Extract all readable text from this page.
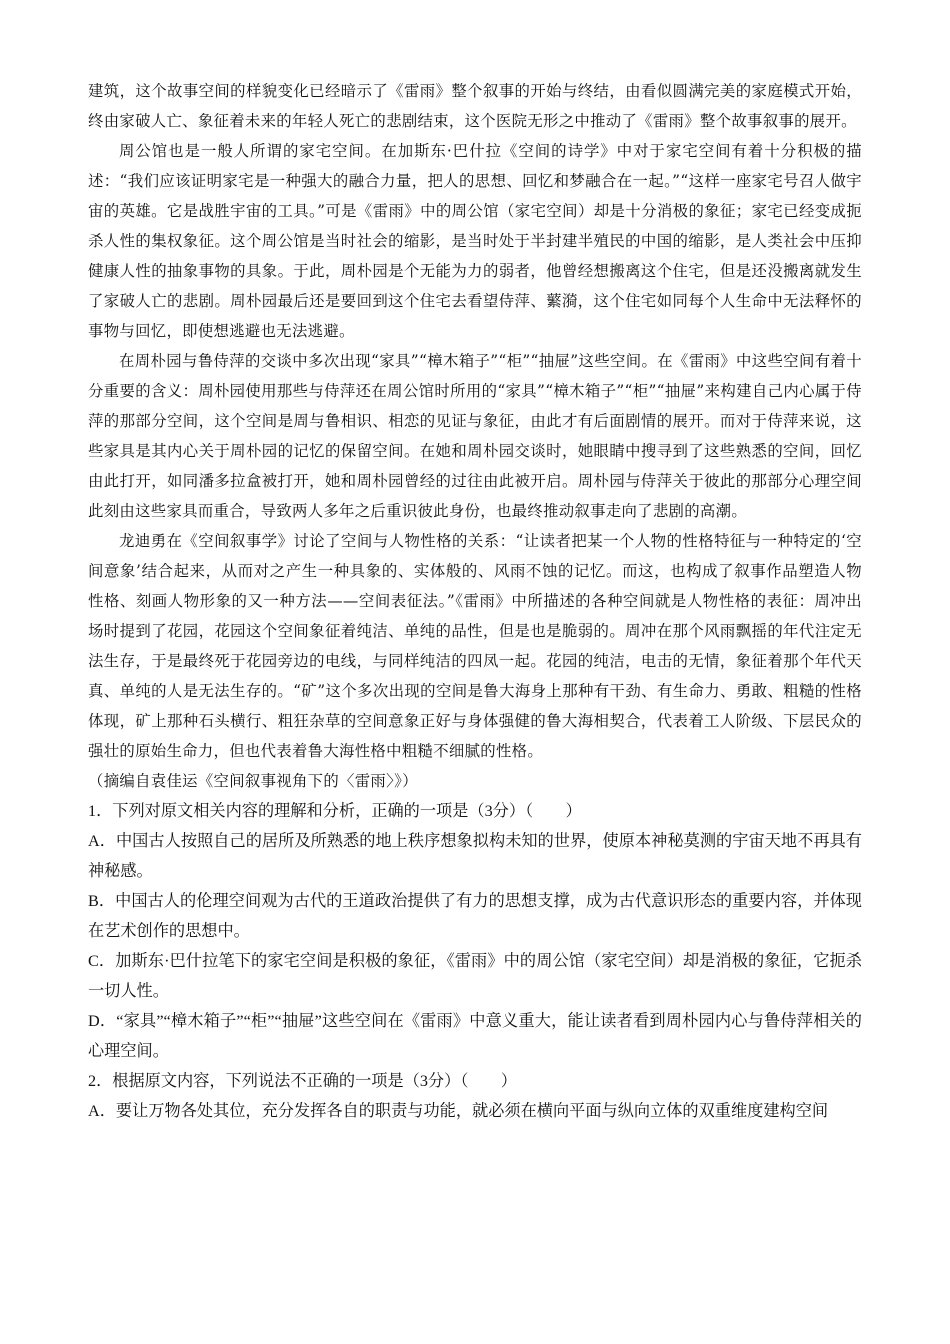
建筑，这个故事空间的样貌变化已经暗示了《雷雨》整个叙事的开始与终结，由看似圆满完美的家庭模式开始，终由家破人亡、象征着未来的年轻人死亡的悲剧结束，这个医院无形之中推动了《雷雨》整个故事叙事的展开。

周公馆也是一般人所谓的家宅空间。在加斯东·巴什拉《空间的诗学》中对于家宅空间有着十分积极的描述：“我们应该证明家宅是一种强大的融合力量，把人的思想、回忆和梦融合在一起。”“这样一座家宅号召人做宇宙的英雄。它是战胜宇宙的工具。”可是《雷雨》中的周公馆（家宅空间）却是十分消极的象征；家宅已经变成扼杀人性的集权象征。这个周公馆是当时社会的缩影，是当时处于半封建半殖民的中国的缩影，是人类社会中压抑健康人性的抽象事物的具象。于此，周朴园是个无能为力的弱者，他曾经想搬离这个住宅，但是还没搬离就发生了家破人亡的悲剧。周朴园最后还是要回到这个住宅去看望侍萍、蘩漪，这个住宅如同每个人生命中无法释怀的事物与回忆，即使想逃避也无法逃避。

在周朴园与鲁侍萍的交谈中多次出现“家具”“樟木箱子”“柜”“抽屉”这些空间。在《雷雨》中这些空间有着十分重要的含义：周朴园使用那些与侍萍还在周公馆时所用的“家具”“樟木箱子”“柜”“抽屉”来构建自己内心属于侍萍的那部分空间，这个空间是周与鲁相识、相恋的见证与象征，由此才有后面剧情的展开。而对于侍萍来说，这些家具是其内心关于周朴园的记忆的保留空间。在她和周朴园交谈时，她眼睛中搜寻到了这些熟悉的空间，回忆由此打开，如同潘多拉盒被打开，她和周朴园曾经的过往由此被开启。周朴园与侍萍关于彼此的那部分心理空间此刻由这些家具而重合，导致两人多年之后重识彼此身份，也最终推动叙事走向了悲剧的高潮。

龙迪勇在《空间叙事学》讨论了空间与人物性格的关系：“让读者把某一个人物的性格特征与一种特定的‘空间意象’结合起来，从而对之产生一种具象的、实体般的、风雨不蚀的记忆。而这，也构成了叙事作品塑造人物性格、刻画人物形象的又一种方法——空间表征法。”《雷雨》中所描述的各种空间就是人物性格的表征：周冲出场时提到了花园，花园这个空间象征着纯洁、单纯的品性，但是也是脆弱的。周冲在那个风雨飘摇的年代注定无法生存，于是最终死于花园旁边的电线，与同样纯洁的四凤一起。花园的纯洁，电击的无情，象征着那个年代天真、单纯的人是无法生存的。“矿”这个多次出现的空间是鲁大海身上那种有干劲、有生命力、勇敢、粗糙的性格体现，矿上那种石头横行、粗狂杂草的空间意象正好与身体强健的鲁大海相契合，代表着工人阶级、下层民众的强壮的原始生命力，但也代表着鲁大海性格中粗糙不细腻的性格。

（摘编自袁佳运《空间叙事视角下的〈雷雨〉》）

1．下列对原文相关内容的理解和分析，正确的一项是（3分）（　　）

A．中国古人按照自己的居所及所熟悉的地上秩序想象拟构未知的世界，使原本神秘莫测的宇宙天地不再具有神秘感。

B．中国古人的伦理空间观为古代的王道政治提供了有力的思想支撑，成为古代意识形态的重要内容，并体现在艺术创作的思想中。

C．加斯东·巴什拉笔下的家宅空间是积极的象征，《雷雨》中的周公馆（家宅空间）却是消极的象征，它扼杀一切人性。

D．“家具”“樟木箱子”“柜”“抽屉”这些空间在《雷雨》中意义重大，能让读者看到周朴园内心与鲁侍萍相关的心理空间。

2．根据原文内容，下列说法不正确的一项是（3分）（　　）

A．要让万物各处其位，充分发挥各自的职责与功能，就必须在横向平面与纵向立体的双重维度建构空间
